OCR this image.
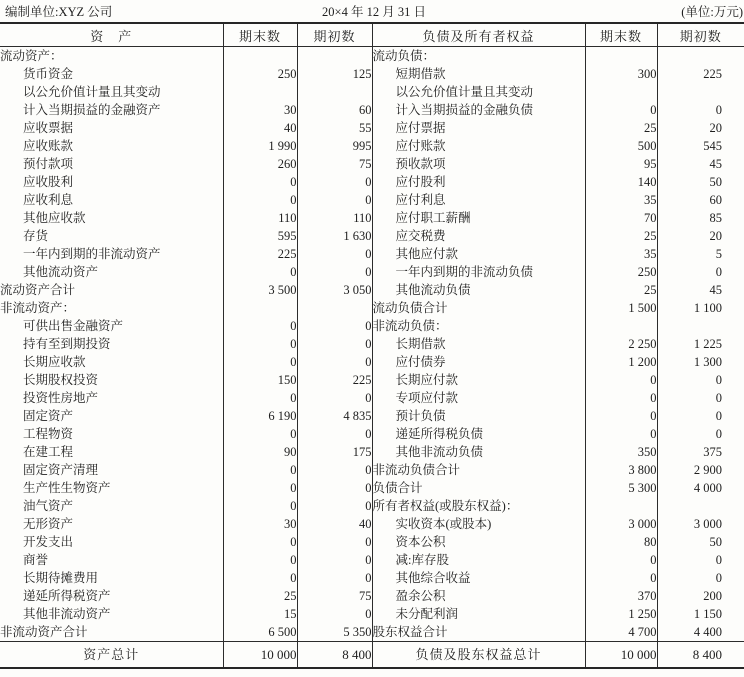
编制单位:XYZ 公司	20×4 年 12 月 31 日	(单位:万元)
资　产	期末数	期初数	负债及所有者权益	期末数	期初数
流动资产：			流动负债：		
货币资金	250	125	短期借款	300	225
以公允价值计量且其变动			以公允价值计量且其变动		
计入当期损益的金融资产	30	60	计入当期损益的金融负债	0	0
应收票据	40	55	应付票据	25	20
应收账款	1 990	995	应付账款	500	545
预付款项	260	75	预收款项	95	45
应收股利	0	0	应付股利	140	50
应收利息	0	0	应付利息	35	60
其他应收款	110	110	应付职工薪酬	70	85
存货	595	1 630	应交税费	25	20
一年内到期的非流动资产	225	0	其他应付款	35	5
其他流动资产	0	0	一年内到期的非流动负债	250	0
流动资产合计	3 500	3 050	其他流动负债	25	45
非流动资产：			流动负债合计	1 500	1 100
可供出售金融资产	0	0	非流动负债：		
持有至到期投资	0	0	长期借款	2 250	1 225
长期应收款	0	0	应付债券	1 200	1 300
长期股权投资	150	225	长期应付款	0	0
投资性房地产	0	0	专项应付款	0	0
固定资产	6 190	4 835	预计负债	0	0
工程物资	0	0	递延所得税负债	0	0
在建工程	90	175	其他非流动负债	350	375
固定资产清理	0	0	非流动负债合计	3 800	2 900
生产性生物资产	0	0	负债合计	5 300	4 000
油气资产	0	0	所有者权益(或股东权益)：		
无形资产	30	40	实收资本(或股本)	3 000	3 000
开发支出	0	0	资本公积	80	50
商誉	0	0	减:库存股	0	0
长期待摊费用	0	0	其他综合收益	0	0
递延所得税资产	25	75	盈余公积	370	200
其他非流动资产	15	0	未分配利润	1 250	1 150
非流动资产合计	6 500	5 350	股东权益合计	4 700	4 400
资产总计	10 000	8 400	负债及股东权益总计	10 000	8 400
